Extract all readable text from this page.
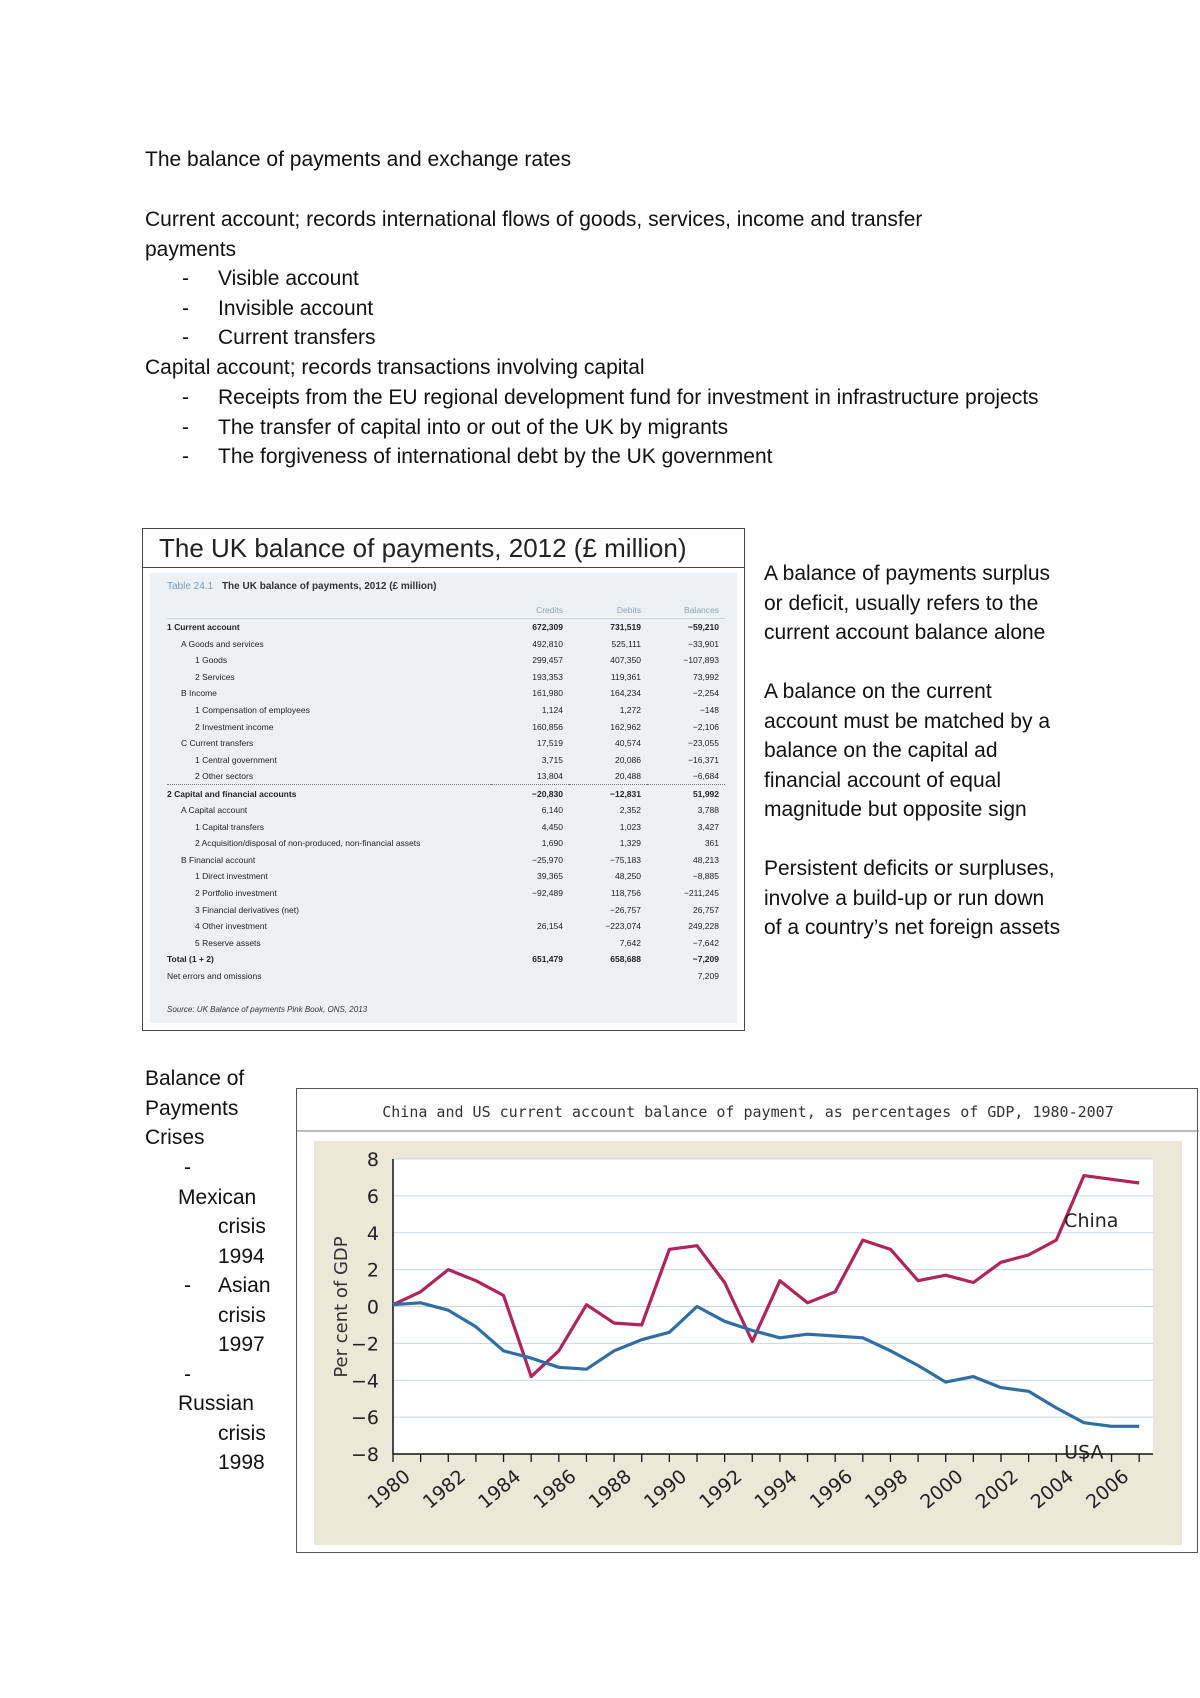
The balance of payments and exchange rates
Current account; records international flows of goods, services, income and transfer payments
- Visible account
- Invisible account
- Current transfers
Capital account; records transactions involving capital
- Receipts from the EU regional development fund for investment in infrastructure projects
- The transfer of capital into or out of the UK by migrants
- The forgiveness of international debt by the UK government
The UK balance of payments, 2012 (£ million)
Table 24.1 The UK balance of payments, 2012 (£ million)
	Credits	Debits	Balances
1 Current account	672,309	731,519	−59,210
A Goods and services	492,810	525,111	−33,901
1 Goods	299,457	407,350	−107,893
2 Services	193,353	119,361	73,992
B Income	161,980	164,234	−2,254
1 Compensation of employees	1,124	1,272	−148
2 Investment income	160,856	162,962	−2,106
C Current transfers	17,519	40,574	−23,055
1 Central government	3,715	20,086	−16,371
2 Other sectors	13,804	20,488	−6,684
2 Capital and financial accounts	−20,830	−12,831	51,992
A Capital account	6,140	2,352	3,788
1 Capital transfers	4,450	1,023	3,427
2 Acquisition/disposal of non-produced, non-financial assets	1,690	1,329	361
B Financial account	−25,970	−75,183	48,213
1 Direct investment	39,365	48,250	−8,885
2 Portfolio investment	−92,489	118,756	−211,245
3 Financial derivatives (net)		−26,757	26,757
4 Other investment	26,154	−223,074	249,228
5 Reserve assets		7,642	−7,642
Total (1 + 2)	651,479	658,688	−7,209
Net errors and omissions			7,209
Source: UK Balance of payments Pink Book, ONS, 2013

A balance of payments surplus or deficit, usually refers to the current account balance alone

A balance on the current account must be matched by a balance on the capital ad financial account of equal magnitude but opposite sign

Persistent deficits or surpluses, involve a build-up or run down of a country’s net foreign assets

Balance of Payments Crises
-

Mexican
crisis
1994
-	Asian
crisis
1997
-

Russian
crisis
1998
China and US current account balance of payment, as percentages of GDP, 1980-2007
8
6
4
2
0
−2
−4
−6
−8
1980 1982 1984 1986 1988 1990 1992 1994 1996 1998 2000 2002 2004 2006
China
USA
Per cent of GDP
